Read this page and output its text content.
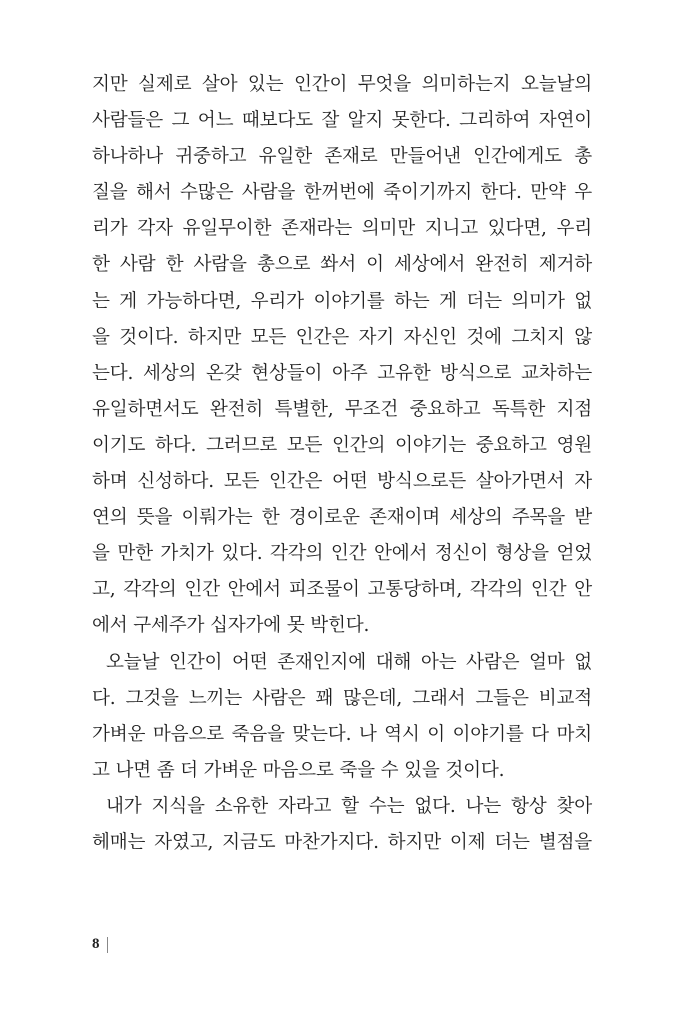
지만 실제로 살아 있는 인간이 무엇을 의미하는지 오늘날의
사람들은 그 어느 때보다도 잘 알지 못한다. 그리하여 자연이
하나하나 귀중하고 유일한 존재로 만들어낸 인간에게도 총
질을 해서 수많은 사람을 한꺼번에 죽이기까지 한다. 만약 우
리가 각자 유일무이한 존재라는 의미만 지니고 있다면, 우리
한 사람 한 사람을 총으로 쏴서 이 세상에서 완전히 제거하
는 게 가능하다면, 우리가 이야기를 하는 게 더는 의미가 없
을 것이다. 하지만 모든 인간은 자기 자신인 것에 그치지 않
는다. 세상의 온갖 현상들이 아주 고유한 방식으로 교차하는
유일하면서도 완전히 특별한, 무조건 중요하고 독특한 지점
이기도 하다. 그러므로 모든 인간의 이야기는 중요하고 영원
하며 신성하다. 모든 인간은 어떤 방식으로든 살아가면서 자
연의 뜻을 이뤄가는 한 경이로운 존재이며 세상의 주목을 받
을 만한 가치가 있다. 각각의 인간 안에서 정신이 형상을 얻었
고, 각각의 인간 안에서 피조물이 고통당하며, 각각의 인간 안
에서 구세주가 십자가에 못 박힌다.
오늘날 인간이 어떤 존재인지에 대해 아는 사람은 얼마 없
다. 그것을 느끼는 사람은 꽤 많은데, 그래서 그들은 비교적
가벼운 마음으로 죽음을 맞는다. 나 역시 이 이야기를 다 마치
고 나면 좀 더 가벼운 마음으로 죽을 수 있을 것이다.
내가 지식을 소유한 자라고 할 수는 없다. 나는 항상 찾아
헤매는 자였고, 지금도 마찬가지다. 하지만 이제 더는 별점을
8
